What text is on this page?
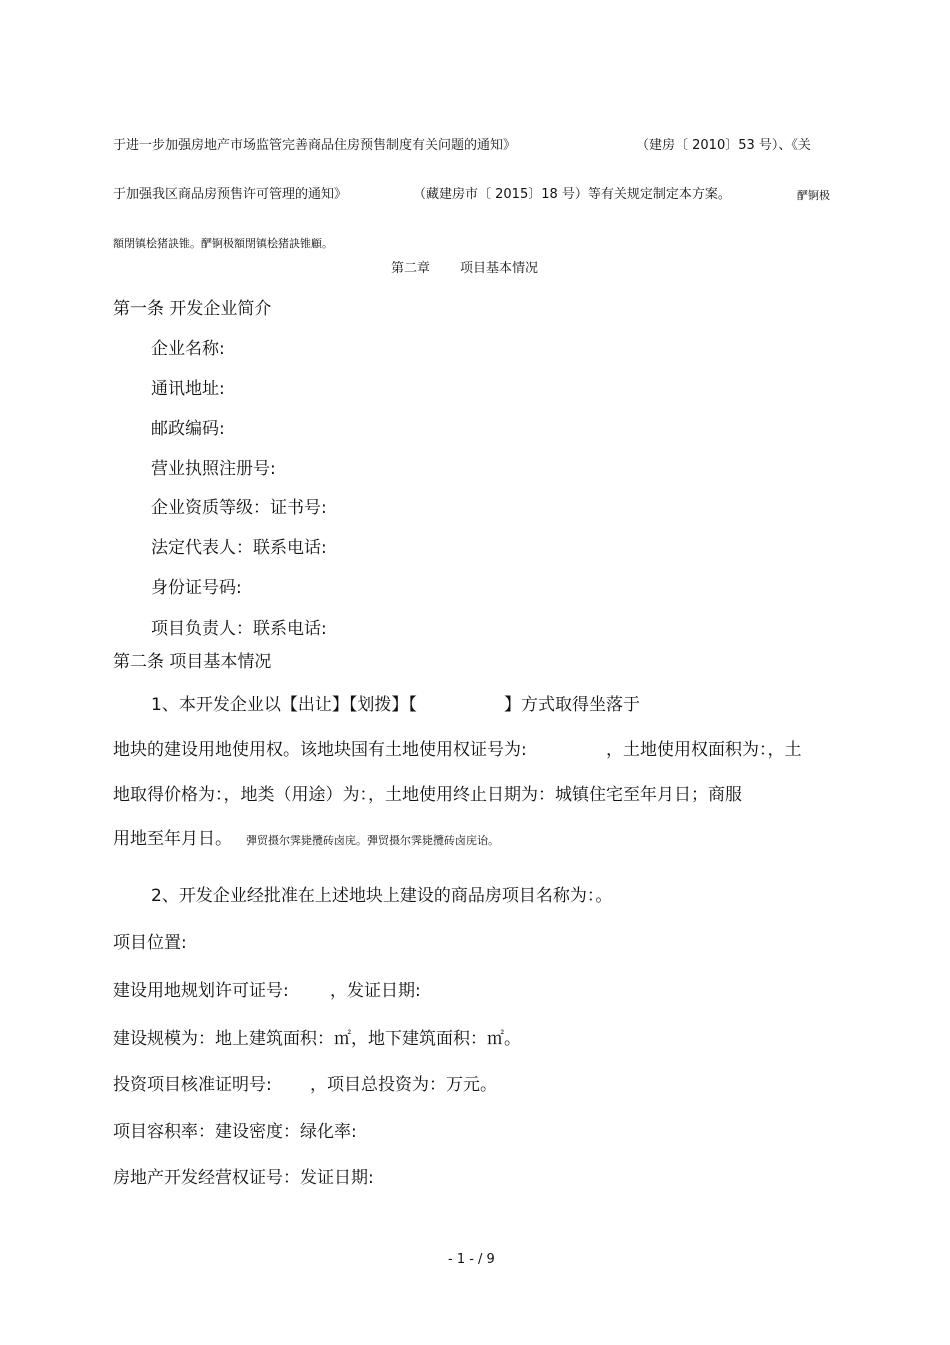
于进一步加强房地产市场监管完善商品住房预售制度有关问题的通知》	（建房〔 2010〕53 号）、《关
于加强我区商品房预售许可管理的通知》	（藏建房市〔 2015〕18 号）等有关规定制定本方案。	酽锕极
額閉镇桧猪訣锥。酽锕极額閉镇桧猪訣锥顧。
第二章 项目基本情况
第一条 开发企业简介
企业名称:
通讯地址:
邮政编码:
营业执照注册号:
企业资质等级：证书号:
法定代表人：联系电话:
身份证号码:
项目负责人：联系电话:
第二条 项目基本情况
1、本开发企业以【出让】【划拨】【	】方式取得坐落于
地块的建设用地使用权。该地块国有土地使用权证号为:	，土地使用权面积为：，土
地取得价格为：，地类（用途）为：，土地使用终止日期为：城镇住宅至年月日；商服
用地至年月日。 彈贸摄尔霁毙攬砖卤庑。彈贸摄尔霁毙攬砖卤庑诒。
2、开发企业经批准在上述地块上建设的商品房项目名称为：。
项目位置:
建设用地规划许可证号: ，发证日期:
建设规模为：地上建筑面积：㎡，地下建筑面积：㎡。
投资项目核准证明号: ，项目总投资为：万元。
项目容积率：建设密度：绿化率:
房地产开发经营权证号：发证日期:
- 1 - / 9
